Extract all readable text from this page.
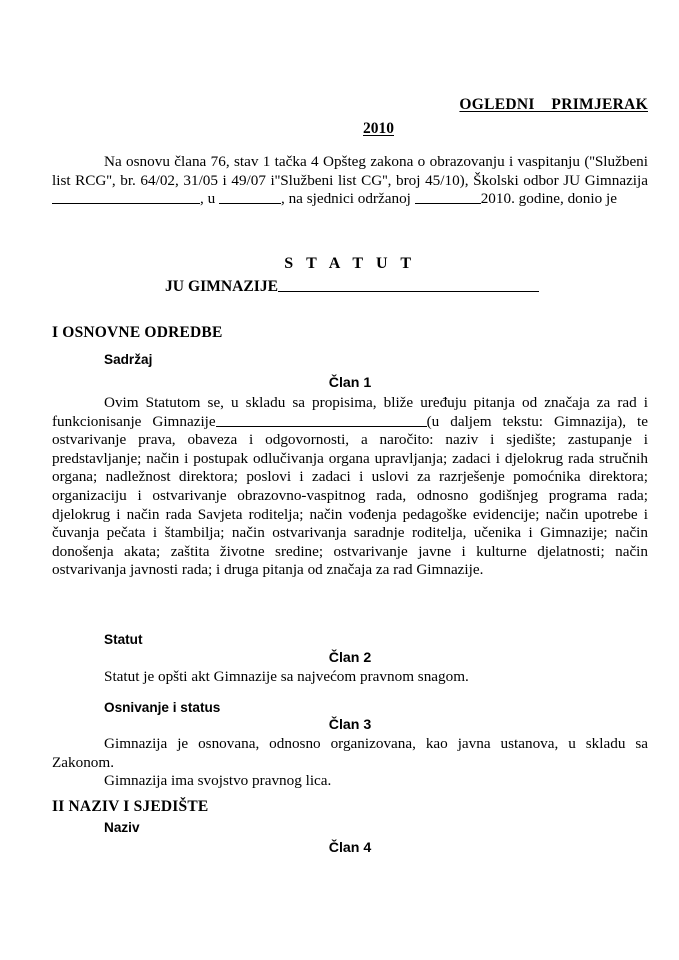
OGLEDNI    PRIMJERAK
2010

Na osnovu člana 76, stav 1 tačka 4 Opšteg zakona o obrazovanju i vaspitanju (''Službeni list RCG'', br. 64/02, 31/05 i 49/07 i''Službeni list CG'', broj 45/10), Školski odbor JU Gimnazija, u	, na sjednici održanoj	2010. godine, donio je

S T A T U T
JU GIMNAZIJE
I OSNOVNE ODREDBE
Sadržaj
Član 1

Ovim Statutom se, u skladu sa propisima, bliže uređuju pitanja od značaja za rad i funkcionisanje Gimnazije	(u daljem tekstu: Gimnazija), te ostvarivanje prava, obaveza i odgovornosti, a naročito: naziv i sjedište; zastupanje i predstavljanje; način i postupak odlučivanja organa upravljanja; zadaci i djelokrug rada stručnih organa; nadležnost direktora; poslovi i zadaci i uslovi za razrješenje pomoćnika direktora; organizaciju i ostvarivanje obrazovno-vaspitnog rada, odnosno godišnjeg programa rada; djelokrug i način rada Savjeta roditelja; način vođenja pedagoške evidencije; način upotrebe i čuvanja pečata i štambilja; način ostvarivanja saradnje roditelja, učenika i Gimnazije; način donošenja akata; zaštita životne sredine; ostvarivanje javne i kulturne djelatnosti; način ostvarivanja javnosti rada; i druga pitanja od značaja za rad Gimnazije.

Statut
Član 2

Statut je opšti akt Gimnazije sa najvećom pravnom snagom.

Osnivanje i status
Član 3

Gimnazija je osnovana, odnosno organizovana, kao javna ustanova, u skladu sa Zakonom.

Gimnazija ima svojstvo pravnog lica.

II NAZIV I SJEDIŠTE
Naziv
Član 4
